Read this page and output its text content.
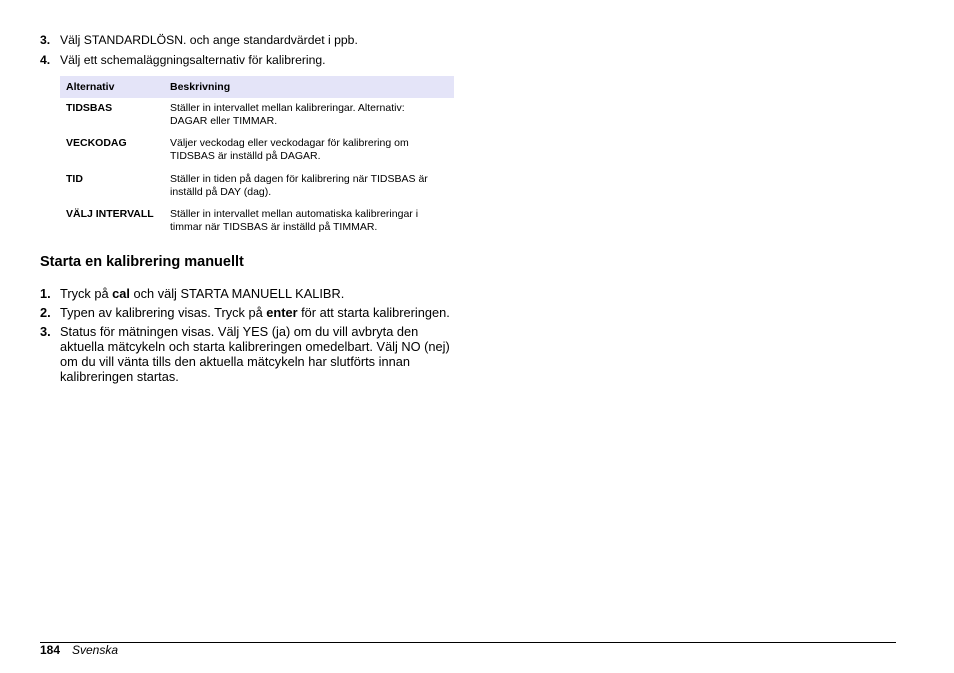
3. Välj STANDARDLÖSN. och ange standardvärdet i ppb.
4. Välj ett schemaläggningsalternativ för kalibrering.
Alternativ	Beskrivning
TIDSBAS	Ställer in intervallet mellan kalibreringar. Alternativ:
DAGAR eller TIMMAR.
VECKODAG	Väljer veckodag eller veckodagar för kalibrering om
TIDSBAS är inställd på DAGAR.
TID	Ställer in tiden på dagen för kalibrering när TIDSBAS är
inställd på DAY (dag).
VÄLJ INTERVALL Ställer in intervallet mellan automatiska kalibreringar i
timmar när TIDSBAS är inställd på TIMMAR.
Starta en kalibrering manuellt
1. Tryck på cal och välj STARTA MANUELL KALIBR.
2. Typen av kalibrering visas. Tryck på enter för att starta kalibreringen.
3. Status för mätningen visas. Välj YES (ja) om du vill avbryta den
aktuella mätcykeln och starta kalibreringen omedelbart. Välj NO (nej)
om du vill vänta tills den aktuella mätcykeln har slutförts innan
kalibreringen startas.
184 Svenska
